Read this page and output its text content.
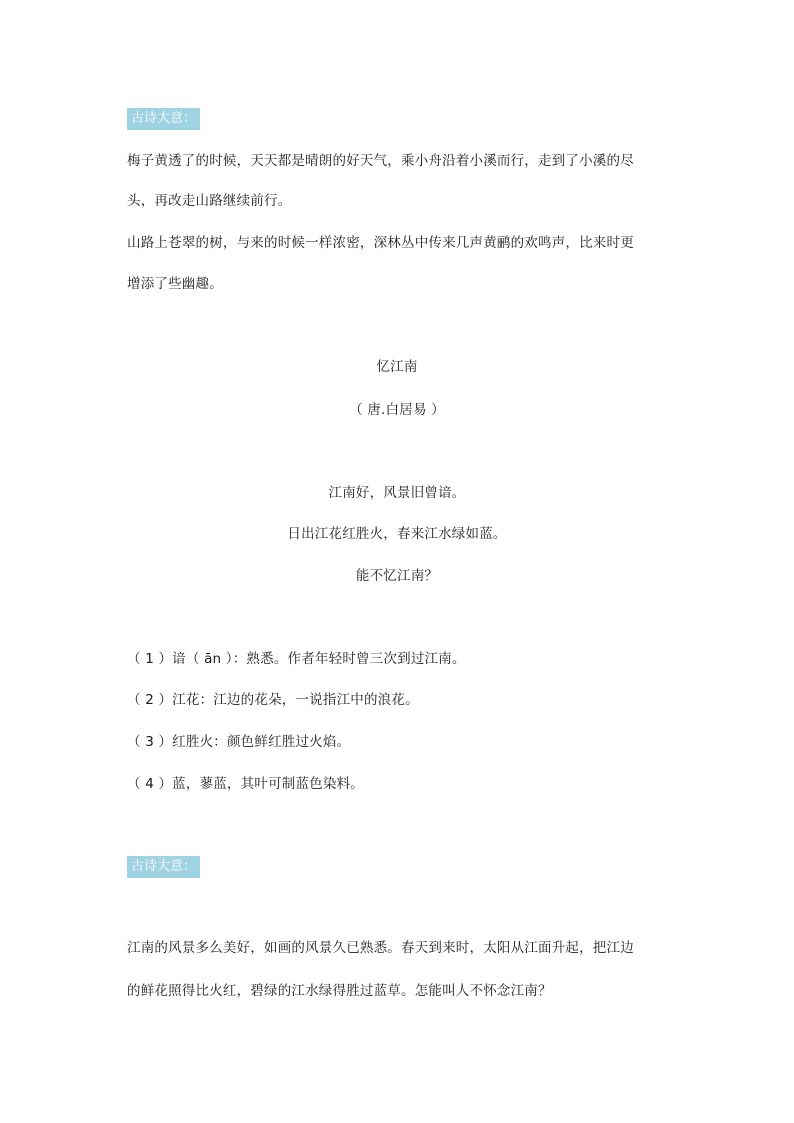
古诗大意：
梅子黄透了的时候，天天都是晴朗的好天气，乘小舟沿着小溪而行，走到了小溪的尽
头，再改走山路继续前行。
山路上苍翠的树，与来的时候一样浓密，深林丛中传来几声黄鹂的欢鸣声，比来时更
增添了些幽趣。
忆江南
（ 唐.白居易 ）
江南好，风景旧曾谙。
日出江花红胜火，春来江水绿如蓝。
能不忆江南？
（ 1 ）谙（ ān ）：熟悉。作者年轻时曾三次到过江南。
（ 2 ）江花：江边的花朵，一说指江中的浪花。
（ 3 ）红胜火：颜色鲜红胜过火焰。
（ 4 ）蓝，蓼蓝，其叶可制蓝色染料。
古诗大意：
江南的风景多么美好，如画的风景久已熟悉。春天到来时，太阳从江面升起，把江边
的鲜花照得比火红，碧绿的江水绿得胜过蓝草。怎能叫人不怀念江南？
